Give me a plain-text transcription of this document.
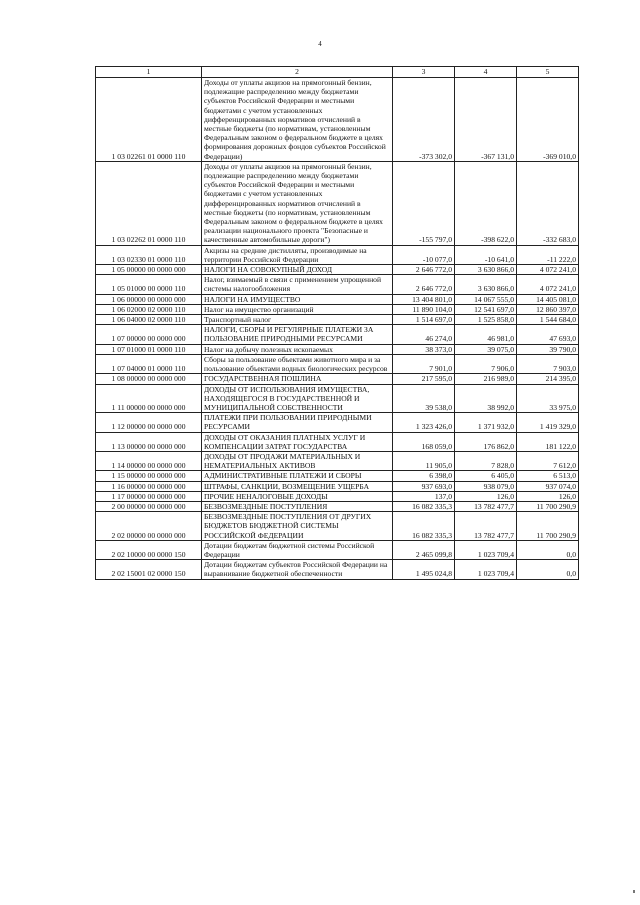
4
1	2	3	4	5
1 03 02261 01 0000 110	Доходы от уплаты акцизов на прямогонный бензин, подлежащие распределению между бюджетами субъектов Российской Федерации и местными бюджетами с учетом установленных дифференцированных нормативов отчислений в местные бюджеты (по нормативам, установленным Федеральным законом о федеральном бюджете в целях формирования дорожных фондов субъектов Российской Федерации)	-373 302,0	-367 131,0	-369 010,0
1 03 02262 01 0000 110	Доходы от уплаты акцизов на прямогонный бензин, подлежащие распределению между бюджетами субъектов Российской Федерации и местными бюджетами с учетом установленных дифференцированных нормативов отчислений в местные бюджеты (по нормативам, установленным Федеральным законом о федеральном бюджете в целях реализации национального проекта "Безопасные и качественные автомобильные дороги")	-155 797,0	-398 622,0	-332 683,0
1 03 02330 01 0000 110	Акцизы на средние дистилляты, производимые на территории Российской Федерации	-10 077,0	-10 641,0	-11 222,0
1 05 00000 00 0000 000	НАЛОГИ НА СОВОКУПНЫЙ ДОХОД	2 646 772,0	3 630 866,0	4 072 241,0
1 05 01000 00 0000 110	Налог, взимаемый в связи с применением упрощенной системы налогообложения	2 646 772,0	3 630 866,0	4 072 241,0
1 06 00000 00 0000 000	НАЛОГИ НА ИМУЩЕСТВО	13 404 801,0	14 067 555,0	14 405 081,0
1 06 02000 02 0000 110	Налог на имущество организаций	11 890 104,0	12 541 697,0	12 860 397,0
1 06 04000 02 0000 110	Транспортный налог	1 514 697,0	1 525 858,0	1 544 684,0
1 07 00000 00 0000 000	НАЛОГИ, СБОРЫ И РЕГУЛЯРНЫЕ ПЛАТЕЖИ ЗА ПОЛЬЗОВАНИЕ ПРИРОДНЫМИ РЕСУРСАМИ	46 274,0	46 981,0	47 693,0
1 07 01000 01 0000 110	Налог на добычу полезных ископаемых	38 373,0	39 075,0	39 790,0
1 07 04000 01 0000 110	Сборы за пользование объектами животного мира и за пользование объектами водных биологических ресурсов	7 901,0	7 906,0	7 903,0
1 08 00000 00 0000 000	ГОСУДАРСТВЕННАЯ ПОШЛИНА	217 595,0	216 989,0	214 395,0
1 11 00000 00 0000 000	ДОХОДЫ ОТ ИСПОЛЬЗОВАНИЯ ИМУЩЕСТВА, НАХОДЯЩЕГОСЯ В ГОСУДАРСТВЕННОЙ И МУНИЦИПАЛЬНОЙ СОБСТВЕННОСТИ	39 538,0	38 992,0	33 975,0
1 12 00000 00 0000 000	ПЛАТЕЖИ ПРИ ПОЛЬЗОВАНИИ ПРИРОДНЫМИ РЕСУРСАМИ	1 323 426,0	1 371 932,0	1 419 329,0
1 13 00000 00 0000 000	ДОХОДЫ ОТ ОКАЗАНИЯ ПЛАТНЫХ УСЛУГ И КОМПЕНСАЦИИ ЗАТРАТ ГОСУДАРСТВА	168 059,0	176 862,0	181 122,0
1 14 00000 00 0000 000	ДОХОДЫ ОТ ПРОДАЖИ МАТЕРИАЛЬНЫХ И НЕМАТЕРИАЛЬНЫХ АКТИВОВ	11 905,0	7 828,0	7 612,0
1 15 00000 00 0000 000	АДМИНИСТРАТИВНЫЕ ПЛАТЕЖИ И СБОРЫ	6 398,0	6 405,0	6 513,0
1 16 00000 00 0000 000	ШТРАФЫ, САНКЦИИ, ВОЗМЕЩЕНИЕ УЩЕРБА	937 693,0	938 079,0	937 074,0
1 17 00000 00 0000 000	ПРОЧИЕ НЕНАЛОГОВЫЕ ДОХОДЫ	137,0	126,0	126,0
2 00 00000 00 0000 000	БЕЗВОЗМЕЗДНЫЕ ПОСТУПЛЕНИЯ	16 082 335,3	13 782 477,7	11 700 290,9
2 02 00000 00 0000 000	БЕЗВОЗМЕЗДНЫЕ ПОСТУПЛЕНИЯ ОТ ДРУГИХ БЮДЖЕТОВ БЮДЖЕТНОЙ СИСТЕМЫ РОССИЙСКОЙ ФЕДЕРАЦИИ	16 082 335,3	13 782 477,7	11 700 290,9
2 02 10000 00 0000 150	Дотации бюджетам бюджетной системы Российской Федерации	2 465 099,8	1 023 709,4	0,0
2 02 15001 02 0000 150	Дотации бюджетам субъектов Российской Федерации на выравнивание бюджетной обеспеченности	1 495 024,8	1 023 709,4	0,0
